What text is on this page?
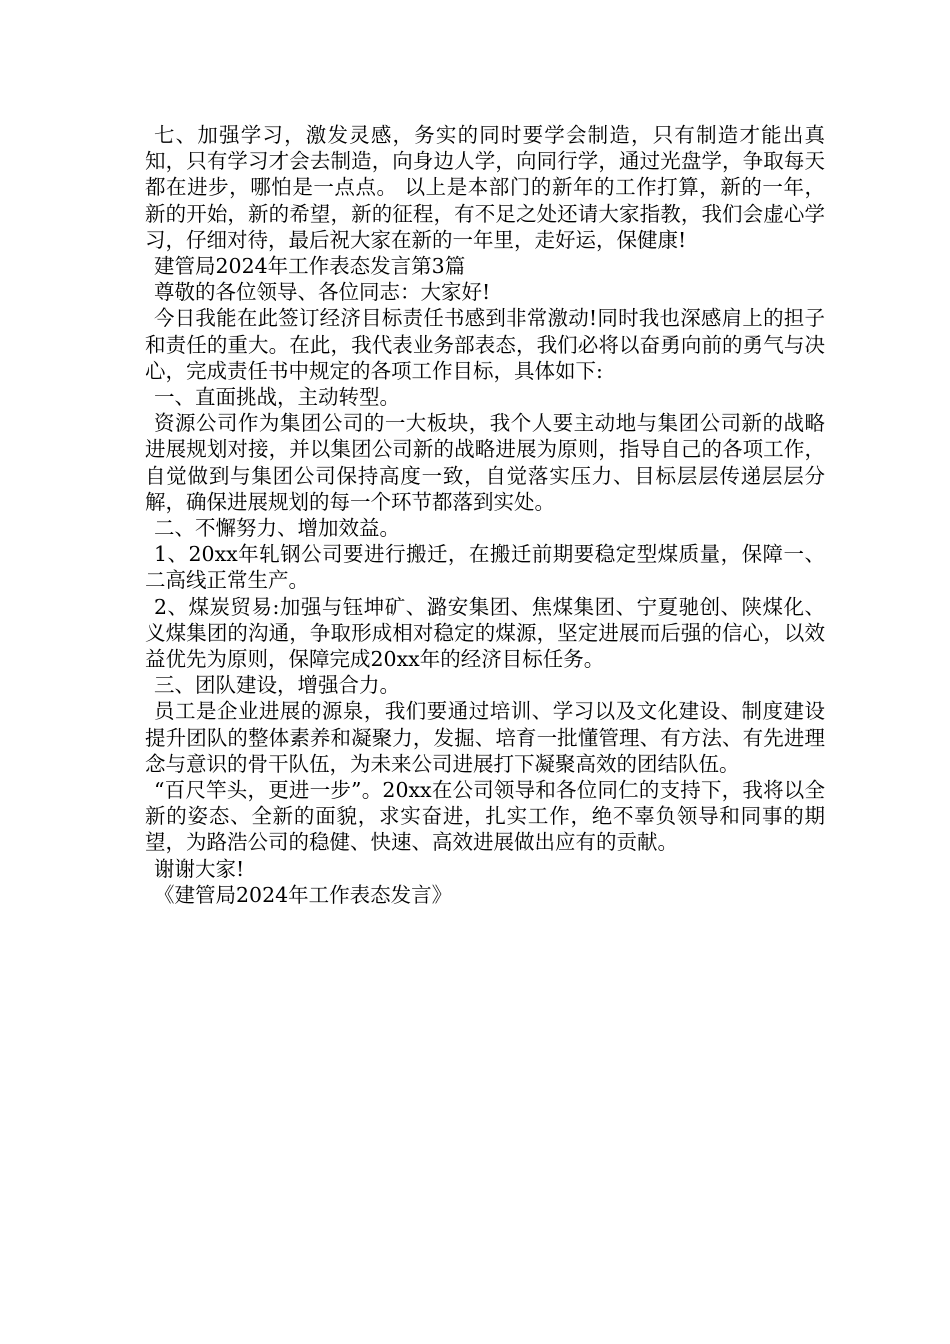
七、加强学习，激发灵感，务实的同时要学会制造，只有制造才能出真知，只有学习才会去制造，向身边人学，向同行学，通过光盘学，争取每天都在进步，哪怕是一点点。 以上是本部门的新年的工作打算，新的一年，新的开始，新的希望，新的征程，有不足之处还请大家指教，我们会虚心学习，仔细对待，最后祝大家在新的一年里，走好运，保健康!

建管局2024年工作表态发言第3篇

尊敬的各位领导、各位同志：大家好!

今日我能在此签订经济目标责任书感到非常激动!同时我也深感肩上的担子和责任的重大。在此，我代表业务部表态，我们必将以奋勇向前的勇气与决心，完成责任书中规定的各项工作目标，具体如下:

一、直面挑战，主动转型。

资源公司作为集团公司的一大板块，我个人要主动地与集团公司新的战略进展规划对接，并以集团公司新的战略进展为原则，指导自己的各项工作，自觉做到与集团公司保持高度一致，自觉落实压力、目标层层传递层层分解，确保进展规划的每一个环节都落到实处。

二、不懈努力、增加效益。

1、20xx年轧钢公司要进行搬迁，在搬迁前期要稳定型煤质量，保障一、二高线正常生产。

2、煤炭贸易:加强与钰坤矿、潞安集团、焦煤集团、宁夏驰创、陕煤化、义煤集团的沟通，争取形成相对稳定的煤源，坚定进展而后强的信心，以效益优先为原则，保障完成20xx年的经济目标任务。

三、团队建设，增强合力。

员工是企业进展的源泉，我们要通过培训、学习以及文化建设、制度建设提升团队的整体素养和凝聚力，发掘、培育一批懂管理、有方法、有先进理念与意识的骨干队伍，为未来公司进展打下凝聚高效的团结队伍。

“百尺竿头，更进一步”。20xx在公司领导和各位同仁的支持下，我将以全新的姿态、全新的面貌，求实奋进，扎实工作，绝不辜负领导和同事的期望，为路浩公司的稳健、快速、高效进展做出应有的贡献。

谢谢大家!

《建管局2024年工作表态发言》
